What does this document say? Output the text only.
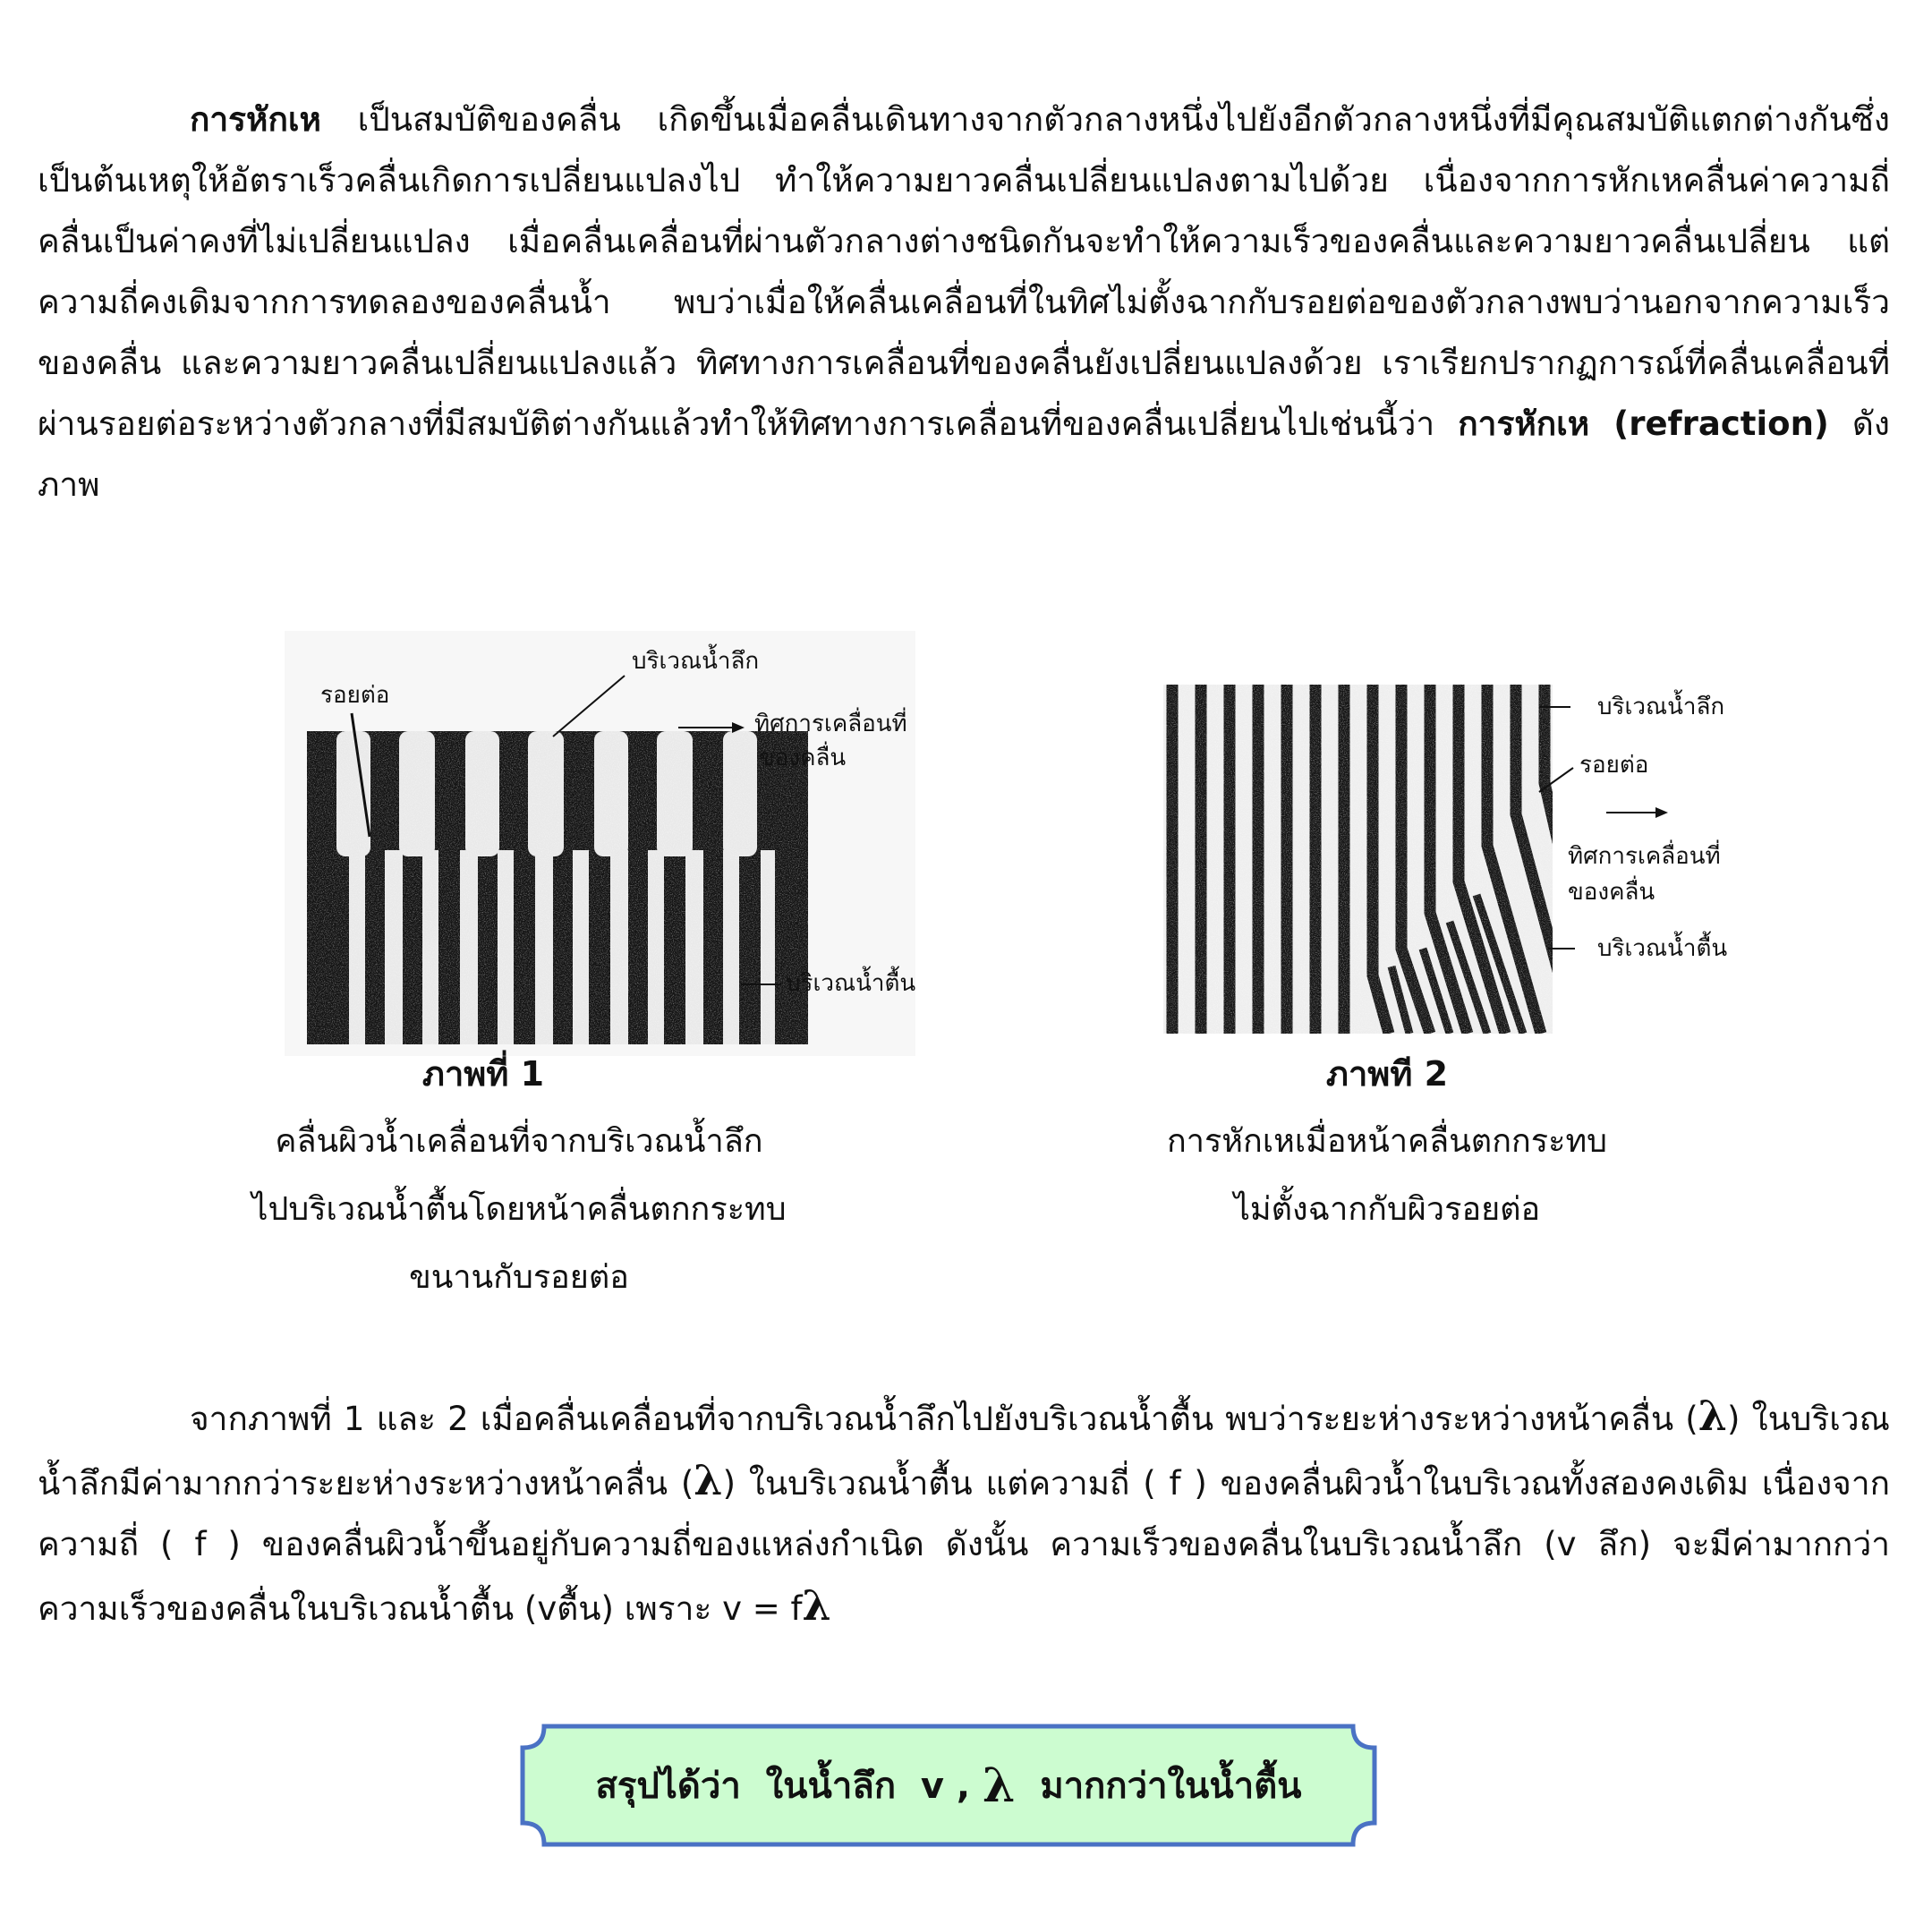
การหักเห เป็นสมบัติของคลื่น เกิดขึ้นเมื่อคลื่นเดินทางจากตัวกลางหนึ่งไปยังอีกตัวกลางหนึ่งที่มีคุณสมบัติแตกต่างกันซึ่งเป็นต้นเหตุให้อัตราเร็วคลื่นเกิดการเปลี่ยนแปลงไป ทำให้ความยาวคลื่นเปลี่ยนแปลงตามไปด้วย เนื่องจากการหักเหคลื่นค่าความถี่คลื่นเป็นค่าคงที่ไม่เปลี่ยนแปลง เมื่อคลื่นเคลื่อนที่ผ่านตัวกลางต่างชนิดกันจะทำให้ความเร็วของคลื่นและความยาวคลื่นเปลี่ยน แต่ความถี่คงเดิมจากการทดลองของคลื่นน้ำ พบว่าเมื่อให้คลื่นเคลื่อนที่ในทิศไม่ตั้งฉากกับรอยต่อของตัวกลางพบว่านอกจากความเร็วของคลื่น และความยาวคลื่นเปลี่ยนแปลงแล้ว ทิศทางการเคลื่อนที่ของคลื่นยังเปลี่ยนแปลงด้วย เราเรียกปรากฏการณ์ที่คลื่นเคลื่อนที่ผ่านรอยต่อระหว่างตัวกลางที่มีสมบัติต่างกันแล้วทำให้ทิศทางการเคลื่อนที่ของคลื่นเปลี่ยนไปเช่นนี้ว่า การหักเห (refraction) ดังภาพ
รอยต่อ
บริเวณน้ำลึก
ทิศการเคลื่อนที่
ของคลื่น
บริเวณน้ำตื้น
ภาพที่ 1
คลื่นผิวน้ำเคลื่อนที่จากบริเวณน้ำลึก
ไปบริเวณน้ำตื้นโดยหน้าคลื่นตกกระทบ
ขนานกับรอยต่อ
บริเวณน้ำลึก
รอยต่อ
ทิศการเคลื่อนที่
ของคลื่น
บริเวณน้ำตื้น
ภาพที 2
การหักเหเมื่อหน้าคลื่นตกกระทบ
ไม่ตั้งฉากกับผิวรอยต่อ
จากภาพที่ 1 และ 2 เมื่อคลื่นเคลื่อนที่จากบริเวณน้ำลึกไปยังบริเวณน้ำตื้น พบว่าระยะห่างระหว่างหน้าคลื่น (λ) ในบริเวณน้ำลึกมีค่ามากกว่าระยะห่างระหว่างหน้าคลื่น (λ) ในบริเวณน้ำตื้น แต่ความถี่ ( f ) ของคลื่นผิวน้ำในบริเวณทั้งสองคงเดิม เนื่องจากความถี่ ( f ) ของคลื่นผิวน้ำขึ้นอยู่กับความถี่ของแหล่งกำเนิด ดังนั้น ความเร็วของคลื่นในบริเวณน้ำลึก (v ลึก) จะมีค่ามากกว่าความเร็วของคลื่นในบริเวณน้ำตื้น (vตื้น) เพราะ v = fλ
สรุปได้ว่า  ในน้ำลึก  v , λ มากกว่าในน้ำตื้น
